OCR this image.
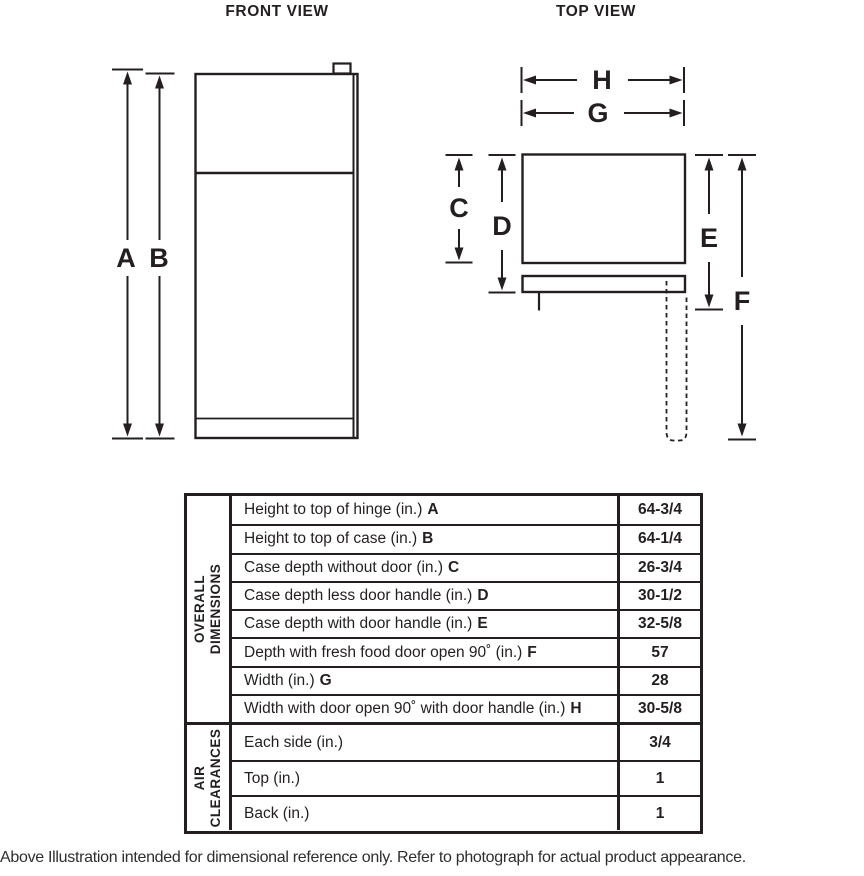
FRONT VIEW
A B
TOP VIEW
H
G
C
D	E
F
OVERALL DIMENSIONS
Height to top of hinge (in.) A	64-3/4
Height to top of case (in.) B	64-1/4
Case depth without door (in.) C	26-3/4
Case depth less door handle (in.) D	30-1/2
Case depth with door handle (in.) E	32-5/8
Depth with fresh food door open 90˚ (in.) F	57
Width (in.) G	28
Width with door open 90˚ with door handle (in.) H	30-5/8
AIR CLEARANCES Each side (in.)	3/4
Top (in.)	1
Back (in.)	1
Above Illustration intended for dimensional reference only. Refer to photograph for actual product appearance.
